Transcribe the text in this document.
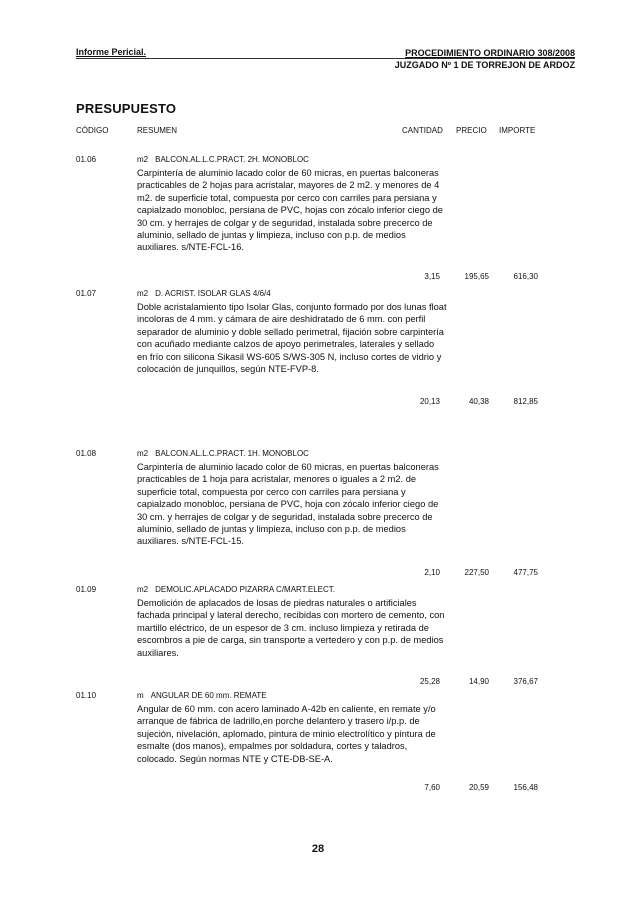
Informe Pericial.	PROCEDIMIENTO ORDINARIO 308/2008
JUZGADO Nº 1 DE TORREJON DE ARDOZ
PRESUPUESTO
CÓDIGO	RESUMEN	CANTIDAD PRECIO IMPORTE
01.06	m2 BALCON.AL.L.C.PRACT. 2H. MONOBLOC
Carpintería de aluminio lacado color de 60 micras, en puertas balconeras practicables de 2 hojas para acristalar, mayores de 2 m2. y menores de 4 m2. de superficie total, compuesta por cerco con carriles para persiana y capialzado monobloc, persiana de PVC, hojas con zócalo inferior ciego de 30 cm. y herrajes de colgar y de seguridad, instalada sobre precerco de aluminio, sellado de juntas y limpieza, incluso con p.p. de medios auxiliares. s/NTE-FCL-16.
3,15	195,65	616,30
01.07	m2 D. ACRIST. ISOLAR GLAS 4/6/4
Doble acristalamiento tipo Isolar Glas, conjunto formado por dos lunas float incoloras de 4 mm. y cámara de aire deshidratado de 6 mm. con perfil separador de aluminio y doble sellado perimetral, fijación sobre carpintería con acuñado mediante calzos de apoyo perimetrales, laterales y sellado en frío con silicona Sikasil WS-605 S/WS-305 N, incluso cortes de vidrio y colocación de junquillos, según NTE-FVP-8.
20,13	40,38	812,85
01.08	m2 BALCON.AL.L.C.PRACT. 1H. MONOBLOC
Carpintería de aluminio lacado color de 60 micras, en puertas balconeras practicables de 1 hoja para acristalar, menores o iguales a 2 m2. de superficie total, compuesta por cerco con carriles para persiana y capialzado monobloc, persiana de PVC, hoja con zócalo inferior ciego de 30 cm. y herrajes de colgar y de seguridad, instalada sobre precerco de aluminio, sellado de juntas y limpieza, incluso con p.p. de medios auxiliares. s/NTE-FCL-15.
2,10	227,50	477,75
01.09	m2 DEMOLIC.APLACADO PIZARRA C/MART.ELECT.
Demolición de aplacados de losas de piedras naturales o artificiales fachada principal y lateral derecho, recibidas con mortero de cemento, con martillo eléctrico, de un espesor de 3 cm. incluso limpieza y retirada de escombros a pie de carga, sin transporte a vertedero y con p.p. de medios auxiliares.
25,28	14,90	376,67
01.10	m ANGULAR DE 60 mm. REMATE
Angular de 60 mm. con acero laminado A-42b en caliente, en remate y/o arranque de fábrica de ladrillo,en porche delantero y trasero i/p.p. de sujeción, nivelación, aplomado, pintura de minio electrolítico y pintura de esmalte (dos manos), empalmes por soldadura, cortes y taladros, colocado. Según normas NTE y CTE-DB-SE-A.
7,60	20,59	156,48
28
